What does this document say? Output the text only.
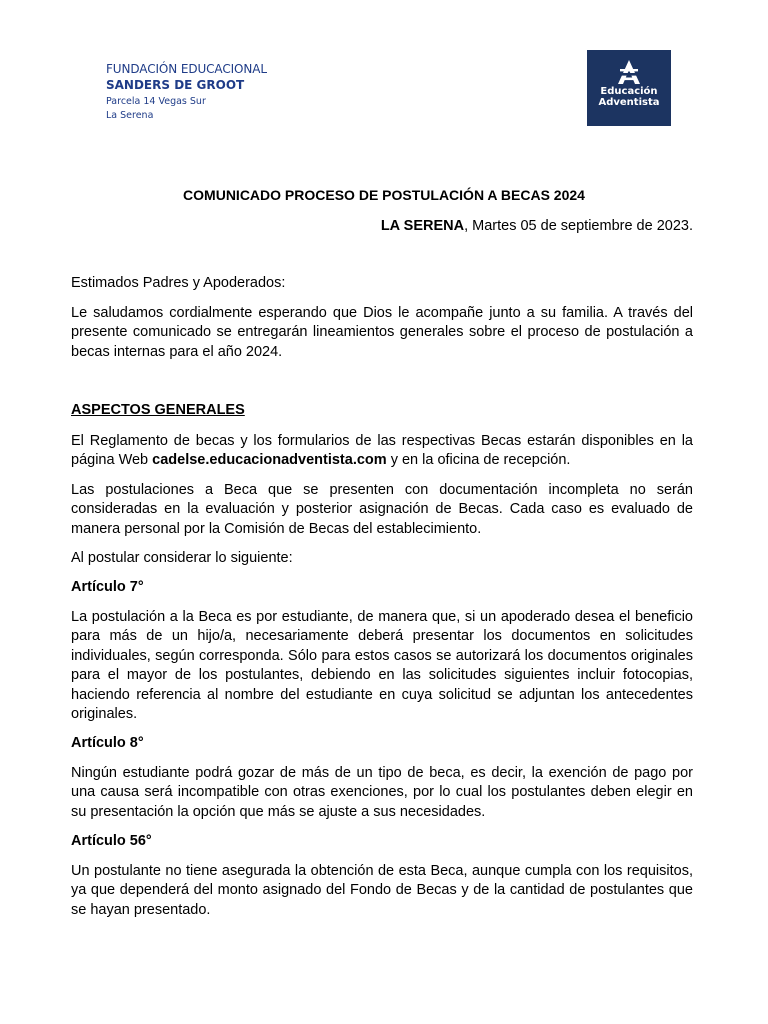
FUNDACIÓN EDUCACIONAL
SANDERS DE GROOT
Parcela 14 Vegas Sur
La Serena
Educación
Adventista
COMUNICADO PROCESO DE POSTULACIÓN A BECAS 2024
LA SERENA, Martes 05 de septiembre de 2023.

Estimados Padres y Apoderados:

Le saludamos cordialmente esperando que Dios le acompañe junto a su familia. A través del presente comunicado se entregarán lineamientos generales sobre el proceso de postulación a becas internas para el año 2024.

ASPECTOS GENERALES

El Reglamento de becas y los formularios de las respectivas Becas estarán disponibles en la página Web cadelse.educacionadventista.com y en la oficina de recepción.

Las postulaciones a Beca que se presenten con documentación incompleta no serán consideradas en la evaluación y posterior asignación de Becas. Cada caso es evaluado de manera personal por la Comisión de Becas del establecimiento.

Al postular considerar lo siguiente:

Artículo 7°

La postulación a la Beca es por estudiante, de manera que, si un apoderado desea el beneficio para más de un hijo/a, necesariamente deberá presentar los documentos en solicitudes individuales, según corresponda. Sólo para estos casos se autorizará los documentos originales para el mayor de los postulantes, debiendo en las solicitudes siguientes incluir fotocopias, haciendo referencia al nombre del estudiante en cuya solicitud se adjuntan los antecedentes originales.

Artículo 8°

Ningún estudiante podrá gozar de más de un tipo de beca, es decir, la exención de pago por una causa será incompatible con otras exenciones, por lo cual los postulantes deben elegir en su presentación la opción que más se ajuste a sus necesidades.

Artículo 56°

Un postulante no tiene asegurada la obtención de esta Beca, aunque cumpla con los requisitos, ya que dependerá del monto asignado del Fondo de Becas y de la cantidad de postulantes que se hayan presentado.
